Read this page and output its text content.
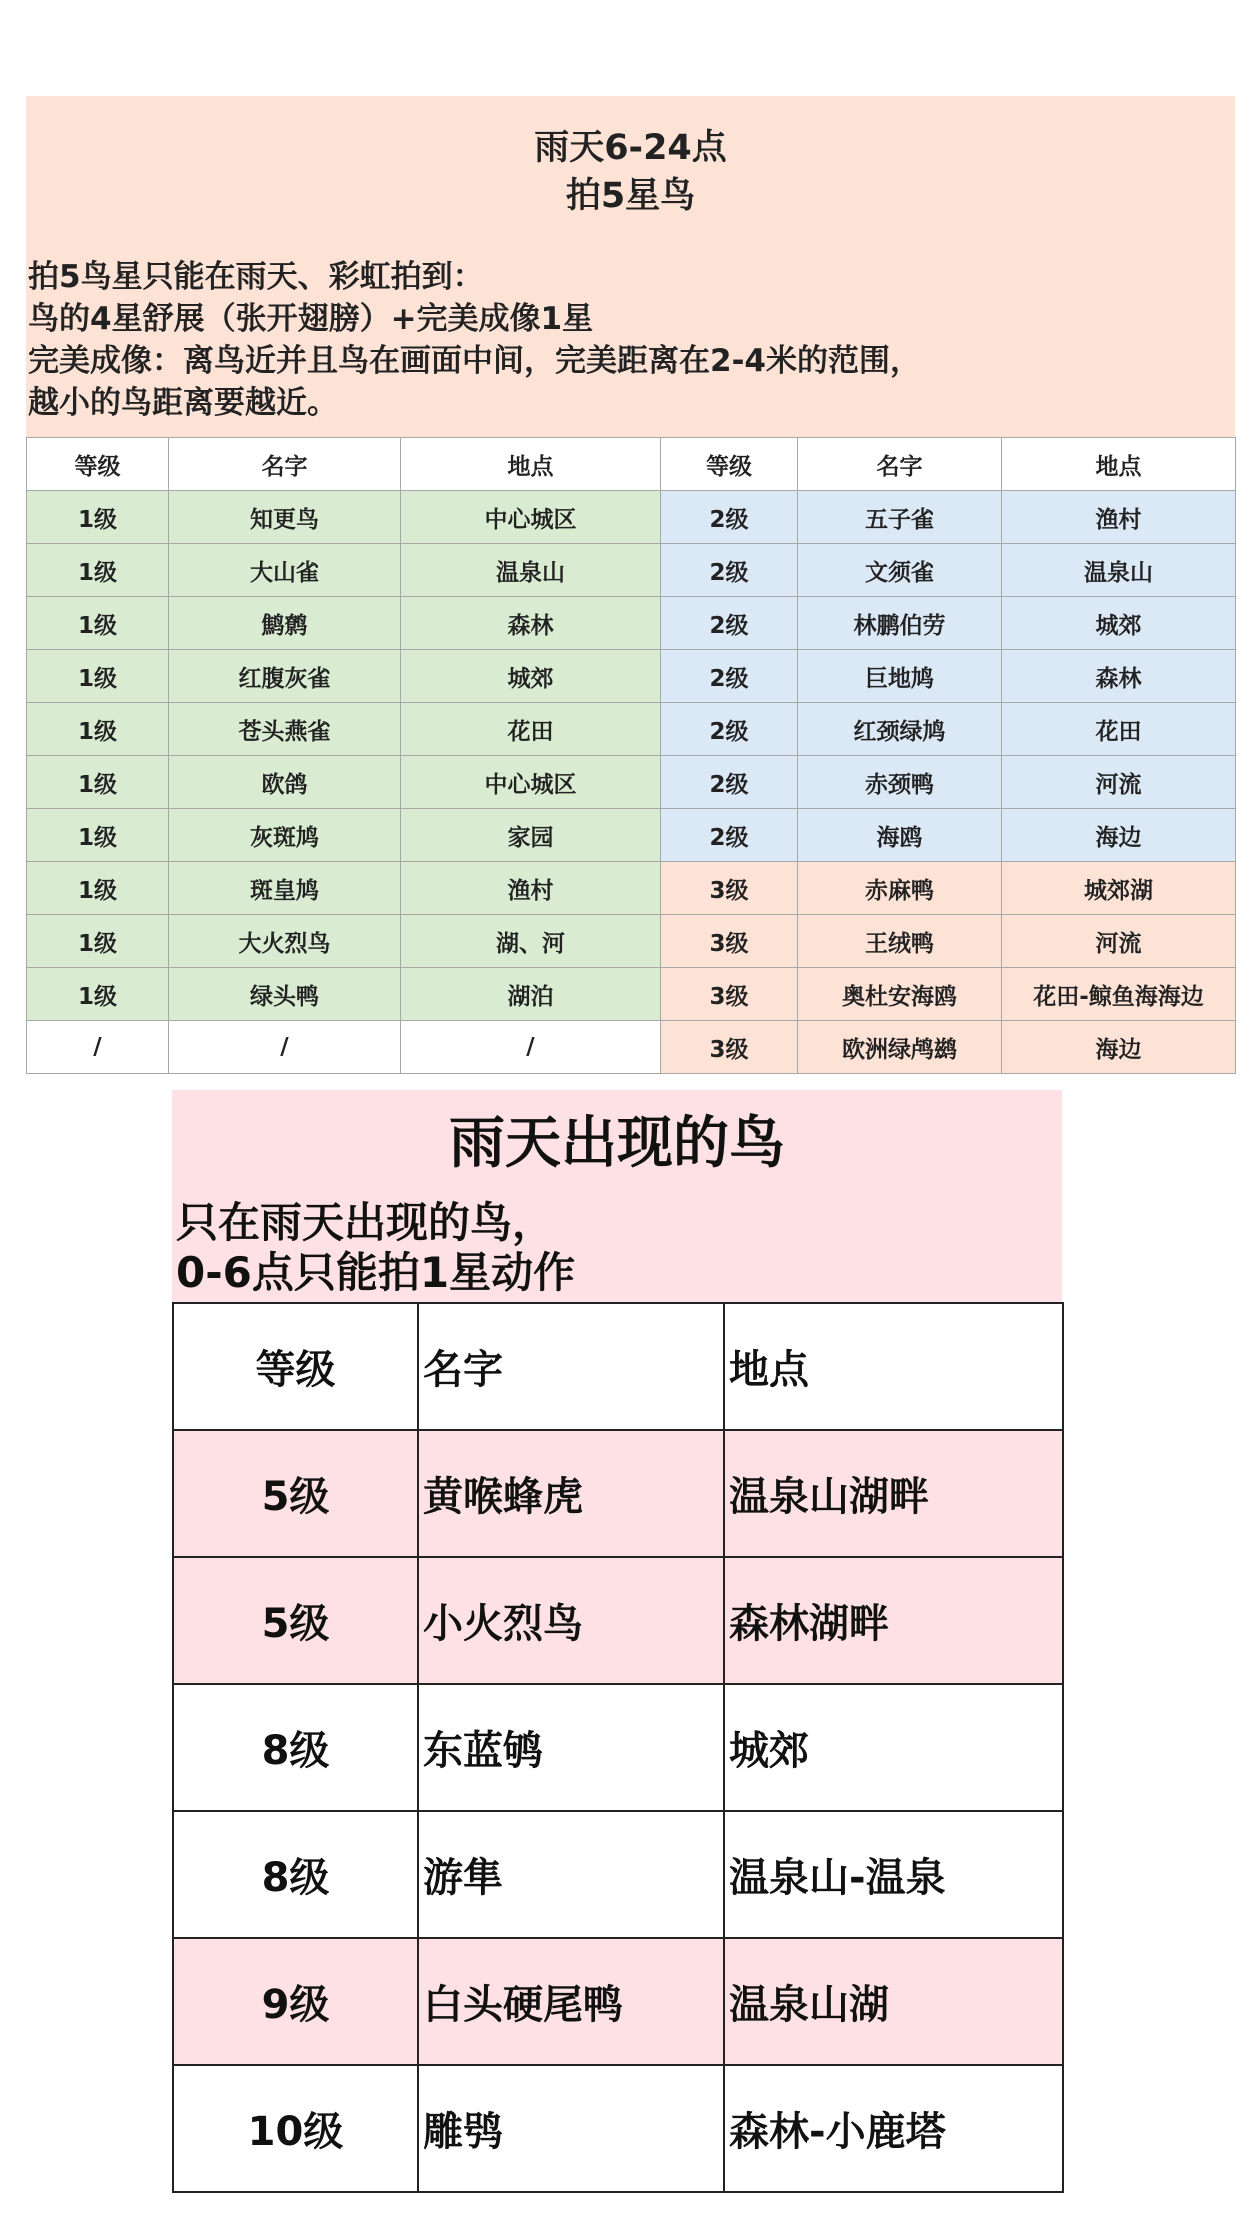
雨天6-24点
拍5星鸟
拍5鸟星只能在雨天、彩虹拍到：
鸟的4星舒展（张开翅膀）+完美成像1星
完美成像：离鸟近并且鸟在画面中间，完美距离在2-4米的范围，
越小的鸟距离要越近。
等级	名字	地点	等级	名字	地点
1级	知更鸟	中心城区	2级	五子雀	渔村
1级	大山雀	温泉山	2级	文须雀	温泉山
1级	鹪鹩	森林	2级	林鹏伯劳	城郊
1级	红腹灰雀	城郊	2级	巨地鸠	森林
1级	苍头燕雀	花田	2级	红颈绿鸠	花田
1级	欧鸽	中心城区	2级	赤颈鸭	河流
1级	灰斑鸠	家园	2级	海鸥	海边
1级	斑皇鸠	渔村	3级	赤麻鸭	城郊湖
1级	大火烈鸟	湖、河	3级	王绒鸭	河流
1级	绿头鸭	湖泊	3级	奥杜安海鸥	花田-鲸鱼海海边
/	/	/	3级	欧洲绿鸬鹚	海边
雨天出现的鸟
只在雨天出现的鸟，
0-6点只能拍1星动作
等级	名字	地点
5级	黄喉蜂虎	温泉山湖畔
5级	小火烈鸟	森林湖畔
8级	东蓝鸲	城郊
8级	游隼	温泉山-温泉
9级	白头硬尾鸭	温泉山湖
10级	雕鸮	森林-小鹿塔
